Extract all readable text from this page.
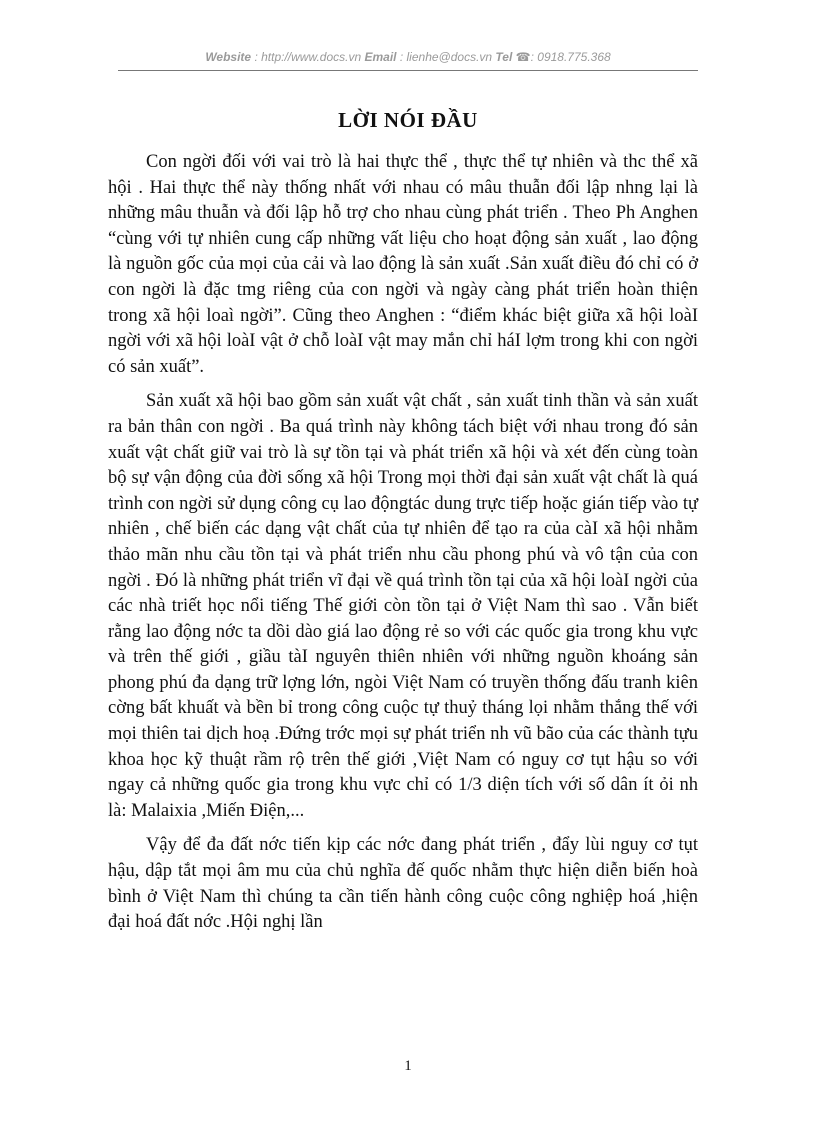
Website : http://www.docs.vn Email : lienhe@docs.vn Tel ☎: 0918.775.368
LỜI NÓI ĐẦU

Con ngời đối với vai trò là hai thực thể , thực thể tự nhiên và thc thể xã hội . Hai thực thể này thống nhất với nhau có mâu thuẫn đối lập nhng lại là những mâu thuẫn và đối lập hỗ trợ cho nhau cùng phát triển . Theo Ph Anghen “cùng với tự nhiên cung cấp những vất liệu cho hoạt động sản xuất , lao động là nguồn gốc của mọi của cải và lao động là sản xuất .Sản xuất điều đó chỉ có ở con ngời là đặc tmg riêng của con ngời và ngày càng phát triển hoàn thiện trong xã hội loaì ngời”. Cũng theo Anghen : “điểm khác biệt giữa xã hội loàI ngời với xã hội loàI vật ở chỗ loàI vật may mắn chỉ háI lợm trong khi con ngời có sản xuất”.

Sản xuất xã hội bao gồm sản xuất vật chất , sản xuất tinh thần và sản xuất ra bản thân con ngời . Ba quá trình này không tách biệt với nhau trong đó sản xuất vật chất giữ vai trò là sự tồn tại và phát triển xã hội và xét đến cùng toàn bộ sự vận động của đời sống xã hội Trong mọi thời đại sản xuất vật chất là quá trình con ngời sử dụng công cụ lao độngtác dung trực tiếp hoặc gián tiếp vào tự nhiên , chế biến các dạng vật chất của tự nhiên để tạo ra của càI xã hội nhằm thảo mãn nhu cầu tồn tại và phát triển nhu cầu phong phú và vô tận của con ngời . Đó là những phát triển vĩ đại về quá trình tồn tại của xã hội loàI ngời của các nhà triết học nổi tiếng Thế giới còn tồn tại ở Việt Nam thì sao . Vẫn biết rằng lao động nớc ta dồi dào giá lao động rẻ so với các quốc gia trong khu vực và trên thế giới , giầu tàI nguyên thiên nhiên với những nguồn khoáng sản phong phú đa dạng trữ lợng lớn, ngòi Việt Nam có truyền thống đấu tranh kiên cờng bất khuất và bền bỉ trong công cuộc tự thuỷ tháng lọi nhằm thắng thế với mọi thiên tai dịch hoạ .Đứng trớc mọi sự phát triển nh vũ bão của các thành tựu khoa học kỹ thuật rầm rộ trên thế giới ,Việt Nam có nguy cơ tụt hậu so với ngay cả những quốc gia trong khu vực chỉ có 1/3 diện tích với số dân ít ỏi nh là: Malaixia ,Miến Điện,...

Vậy để đa đất nớc tiến kịp các nớc đang phát triển , đẩy lùi nguy cơ tụt hậu, dập tắt mọi âm mu của chủ nghĩa đế quốc nhằm thực hiện diễn biến hoà bình ở Việt Nam thì chúng ta cần tiến hành công cuộc công nghiệp hoá ,hiện đại hoá đất nớc .Hội nghị lần

1
